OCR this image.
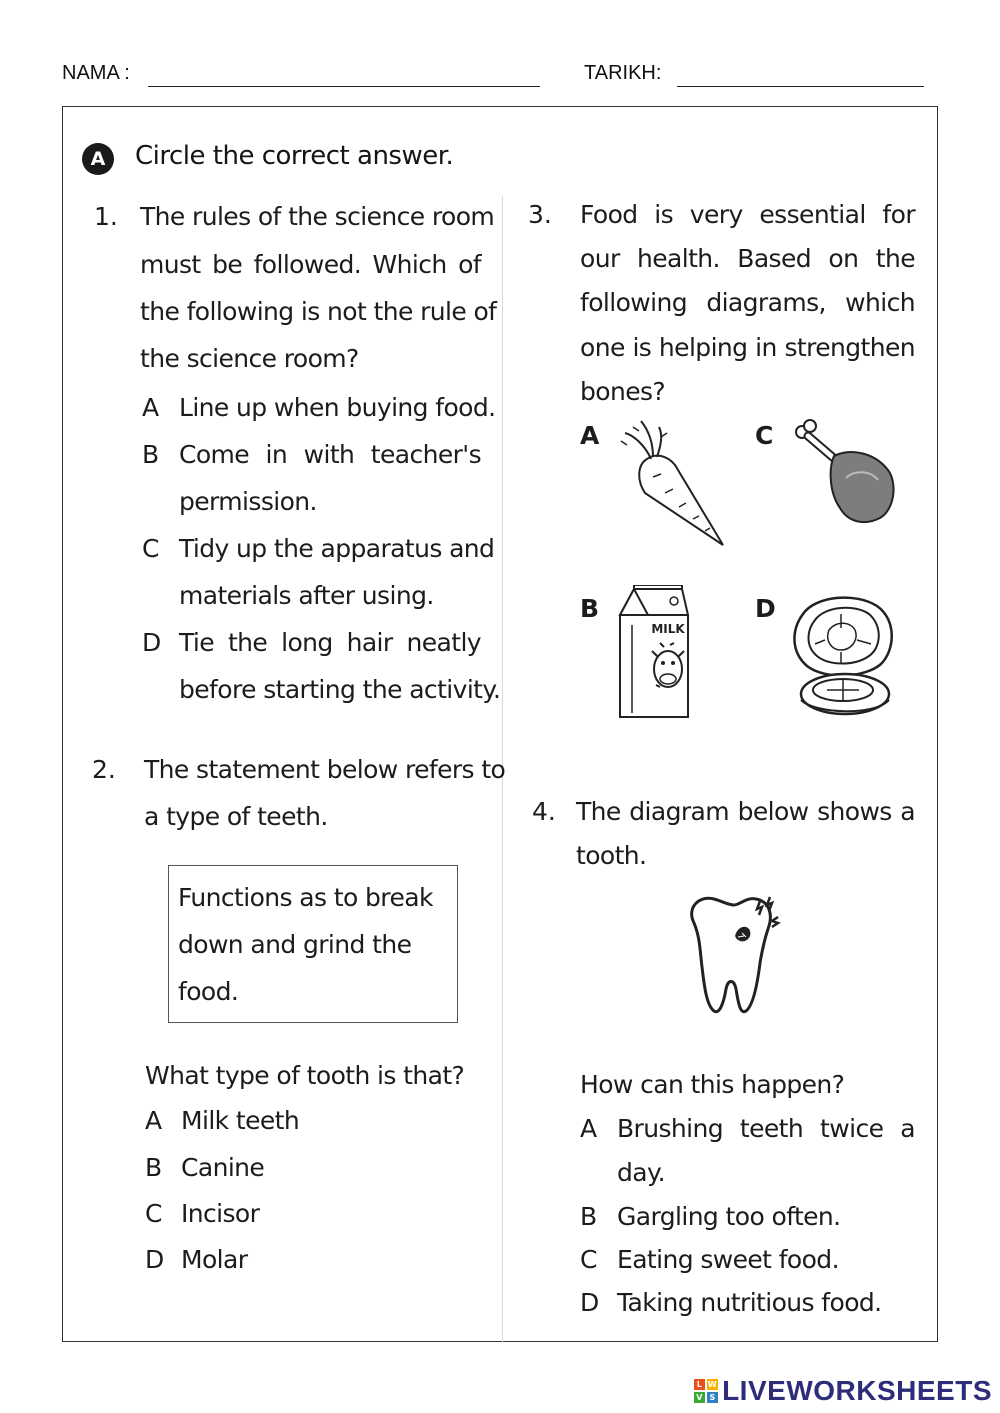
NAMA :	TARIKH:
A	Circle the correct answer.
1. The rules of the science room
must be followed. Which of
the following is not the rule of
the science room?
A Line up when buying food.
B Come in with teacher's
permission.
C Tidy up the apparatus and
materials after using.
D Tie the long hair neatly
before starting the activity.
2. The statement below refers to
a type of teeth.
Functions as to break
down and grind the
food.
What type of tooth is that?
A Milk teeth
B Canine
C Incisor
D Molar
3. Food is very essential for
our health. Based on the
following diagrams, which
one is helping in strengthen
bones?
A	C
B
MILK
D
4. The diagram below shows a
tooth.
How can this happen?
A Brushing teeth twice a
day.
B Gargling too often.
C Eating sweet food.
D Taking nutritious food.
L W
V S LIVEWORKSHEETS
